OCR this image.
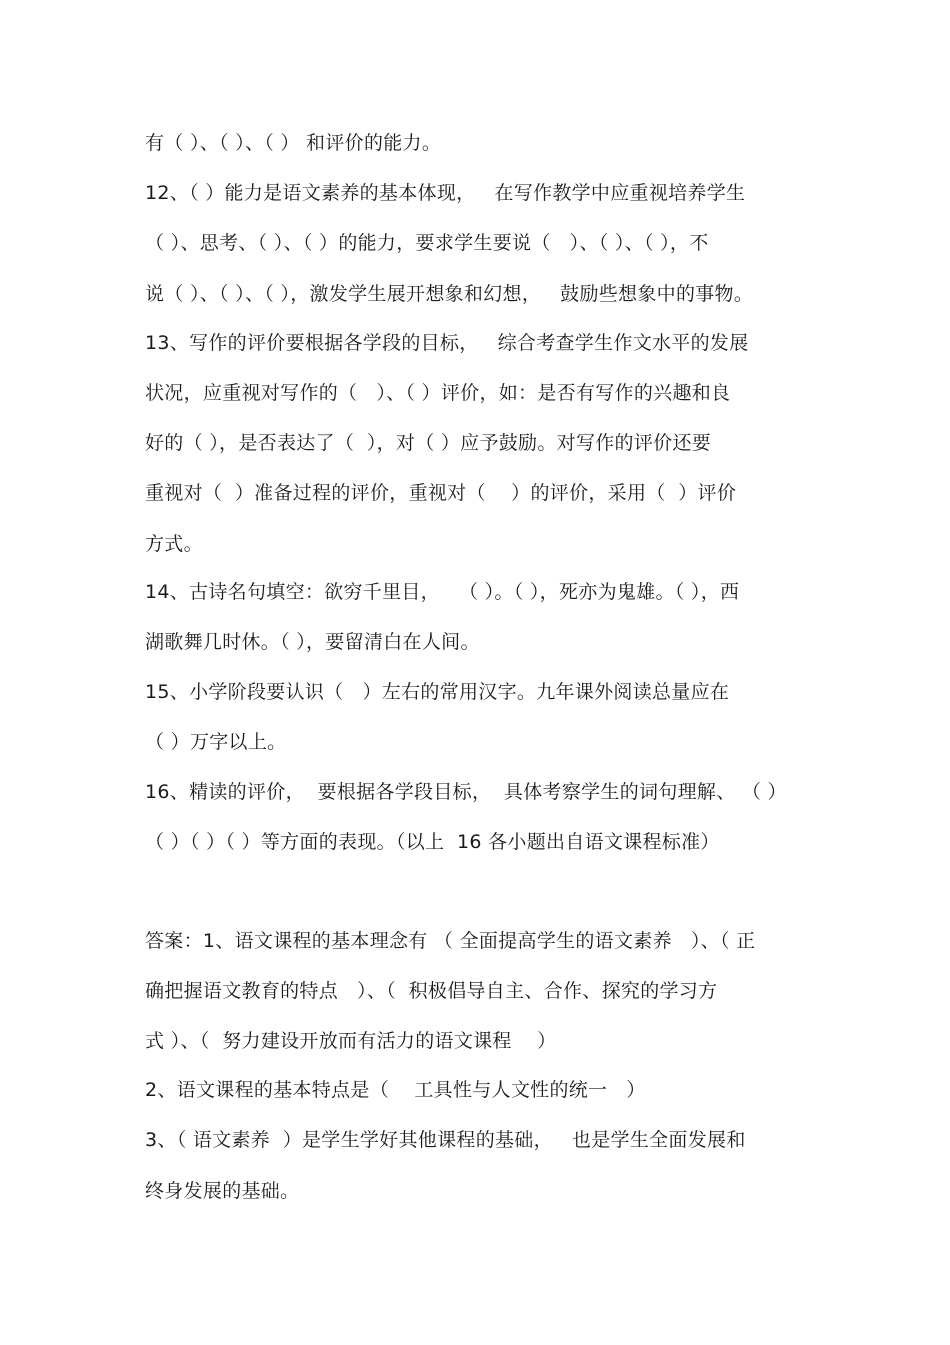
有（ ）、（ ）、（ ） 和评价的能力。
12、（ ）能力是语文素养的基本体现，   在写作教学中应重视培养学生
（ ）、思考、（ ）、（ ）的能力，要求学生要说（   ）、（ ）、（ ），不
说（ ）、（ ）、（ ），激发学生展开想象和幻想，   鼓励些想象中的事物。
13、写作的评价要根据各学段的目标，   综合考查学生作文水平的发展
状况，应重视对写作的（   ）、（ ）评价，如：是否有写作的兴趣和良
好的（ ），是否表达了（  ），对（ ）应予鼓励。对写作的评价还要
重视对（  ）准备过程的评价，重视对（    ）的评价，采用（  ）评价
方式。
14、古诗名句填空：欲穷千里目，   （ ）。（ ），死亦为鬼雄。（ ），西
湖歌舞几时休。（ ），要留清白在人间。
15、小学阶段要认识（   ）左右的常用汉字。九年课外阅读总量应在
（ ）万字以上。
16、精读的评价，  要根据各学段目标，  具体考察学生的词句理解、 （ ）
（ ）（ ）（ ）等方面的表现。（以上  16 各小题出自语文课程标准）
答案：1、语文课程的基本理念有 （ 全面提高学生的语文素养   ）、（ 正
确把握语文教育的特点   ）、（  积极倡导自主、合作、探究的学习方
式 ）、（  努力建设开放而有活力的语文课程    ）
2、语文课程的基本特点是（    工具性与人文性的统一   ）
3、（ 语文素养  ）是学生学好其他课程的基础，   也是学生全面发展和
终身发展的基础。
